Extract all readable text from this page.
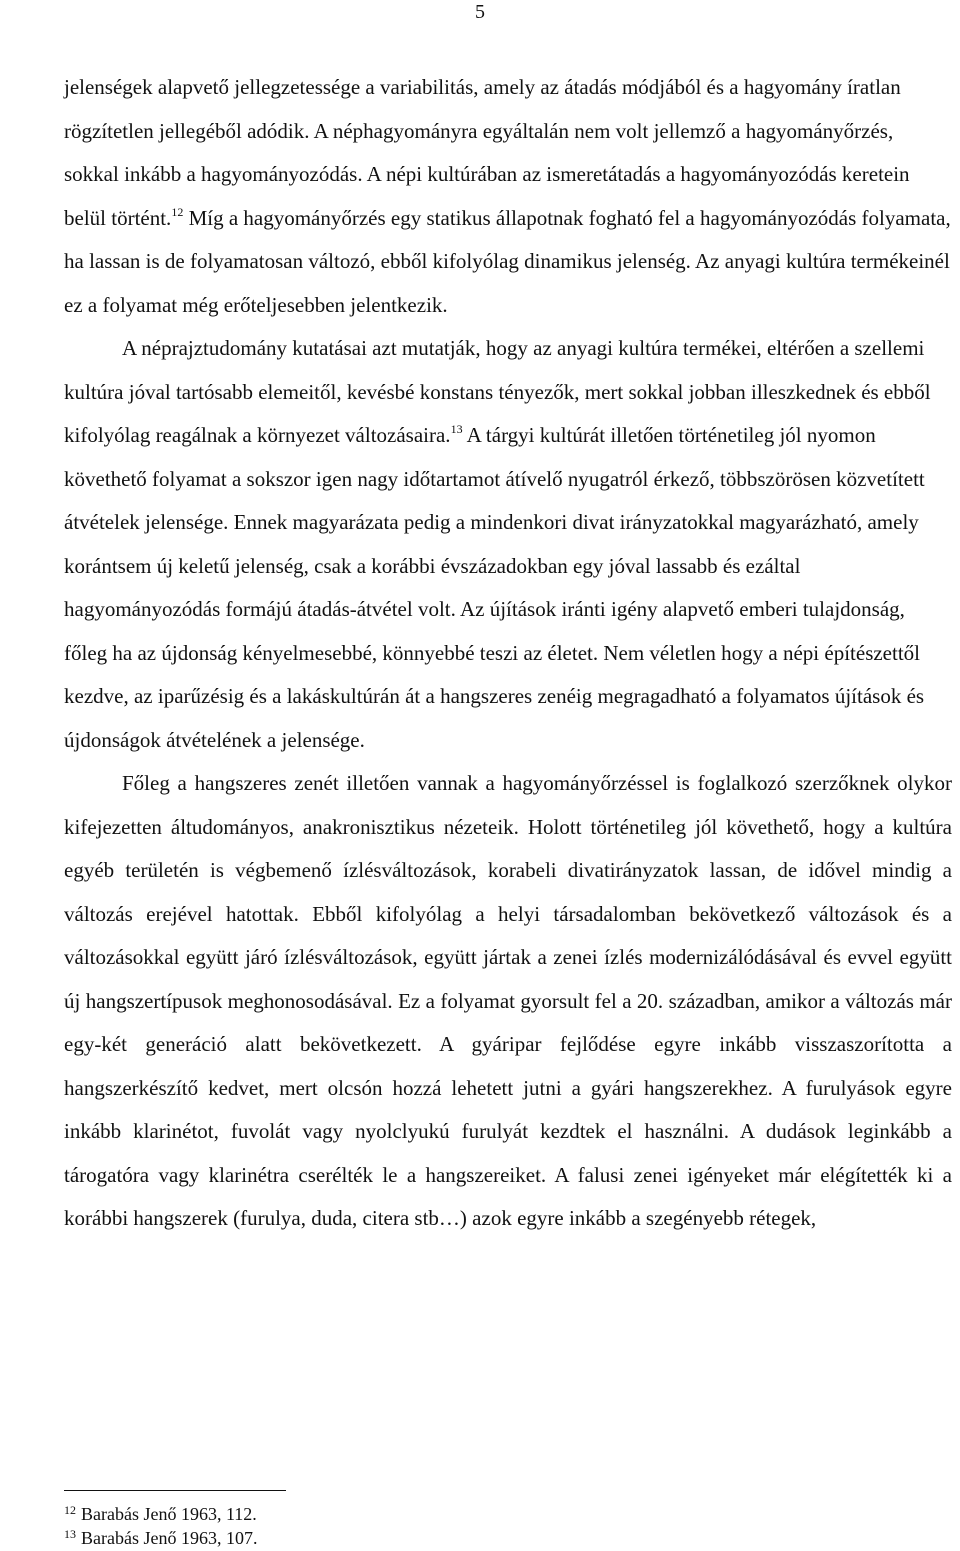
5

jelenségek alapvető jellegzetessége a variabilitás, amely az átadás módjából és a hagyomány íratlan rögzítetlen jellegéből adódik. A néphagyományra egyáltalán nem volt jellemző a hagyományőrzés, sokkal inkább a hagyományozódás. A népi kultúrában az ismeretátadás a hagyományozódás keretein belül történt.$^{12}$ Míg a hagyományőrzés egy statikus állapotnak fogható fel a hagyományozódás folyamata, ha lassan is de folyamatosan változó, ebből kifolyólag dinamikus jelenség. Az anyagi kultúra termékeinél ez a folyamat még erőteljesebben jelentkezik.

A néprajztudomány kutatásai azt mutatják, hogy az anyagi kultúra termékei, eltérően a szellemi kultúra jóval tartósabb elemeitől, kevésbé konstans tényezők, mert sokkal jobban illeszkednek és ebből kifolyólag reagálnak a környezet változásaira.$^{13}$ A tárgyi kultúrát illetően történetileg jól nyomon követhető folyamat a sokszor igen nagy időtartamot átívelő nyugatról érkező, többszörösen közvetített átvételek jelensége. Ennek magyarázata pedig a mindenkori divat irányzatokkal magyarázható, amely korántsem új keletű jelenség, csak a korábbi évszázadokban egy jóval lassabb és ezáltal hagyományozódás formájú átadás-átvétel volt. Az újítások iránti igény alapvető emberi tulajdonság, főleg ha az újdonság kényelmesebbé, könnyebbé teszi az életet. Nem véletlen hogy a népi építészettől kezdve, az iparűzésig és a lakáskultúrán át a hangszeres zenéig megragadható a folyamatos újítások és újdonságok átvételének a jelensége.

Főleg a hangszeres zenét illetően vannak a hagyományőrzéssel is foglalkozó szerzőknek olykor kifejezetten áltudományos, anakronisztikus nézeteik. Holott történetileg jól követhető, hogy a kultúra egyéb területén is végbemenő ízlésváltozások, korabeli divatirányzatok lassan, de idővel mindig a változás erejével hatottak. Ebből kifolyólag a helyi társadalomban bekövetkező változások és a változásokkal együtt járó ízlésváltozások, együtt jártak a zenei ízlés modernizálódásával és evvel együtt új hangszertípusok meghonosodásával. Ez a folyamat gyorsult fel a 20. században, amikor a változás már egy-két generáció alatt bekövetkezett. A gyáripar fejlődése egyre inkább visszaszorította a hangszerkészítő kedvet, mert olcsón hozzá lehetett jutni a gyári hangszerekhez. A furulyások egyre inkább klarinétot, fuvolát vagy nyolclyukú furulyát kezdtek el használni. A dudások leginkább a tárogatóra vagy klarinétra cserélték le a hangszereiket. A falusi zenei igényeket már elégítették ki a korábbi hangszerek (furulya, duda, citera stb…) azok egyre inkább a szegényebb rétegek,

$^{12}$ Barabás Jenő 1963, 112.
$^{13}$ Barabás Jenő 1963, 107.
